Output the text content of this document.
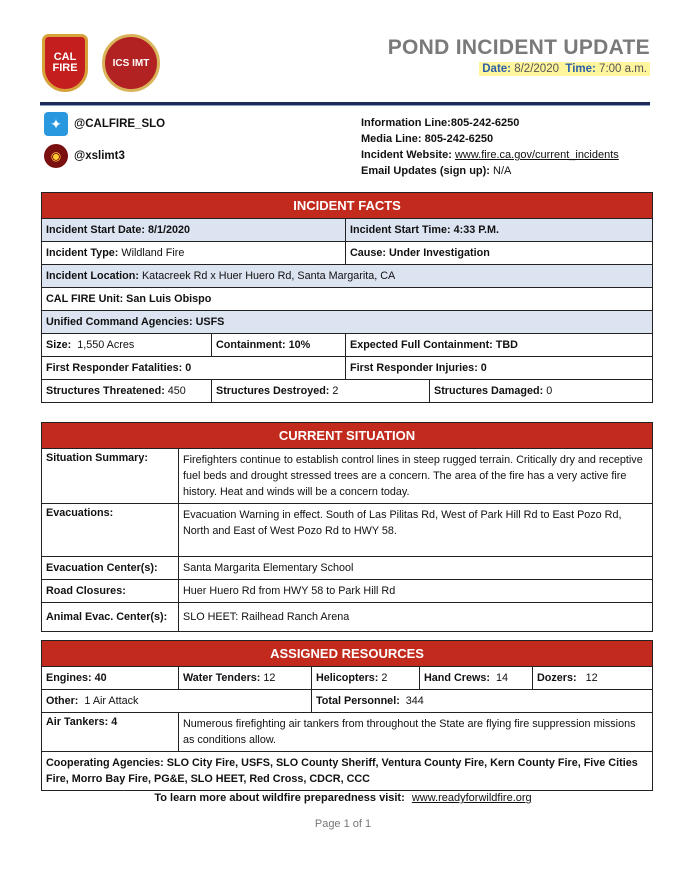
CAL FIRE	ICS IMT
POND INCIDENT UPDATE
Date: 8/2/2020 Time: 7:00 a.m.
✦	@CALFIRE_SLO
◉	@xslimt3
Information Line:805-242-6250
Media Line: 805-242-6250
Incident Website: www.fire.ca.gov/current_incidents
Email Updates (sign up): N/A
INCIDENT FACTS			
Incident Start Date: 8/1/2020		Incident Start Time: 4:33 P.M.	
Incident Type: Wildland Fire		Cause: Under Investigation	
Incident Location: Katacreek Rd x Huer Huero Rd, Santa Margarita, CA			
CAL FIRE Unit: San Luis Obispo			
Unified Command Agencies: USFS			
Size: 1,550 Acres	Containment: 10%	Expected Full Containment: TBD	
First Responder Fatalities: 0		First Responder Injuries: 0	
Structures Threatened: 450	Structures Destroyed: 2		Structures Damaged: 0
CURRENT SITUATION	
Situation Summary:	Firefighters continue to establish control lines in steep rugged terrain. Critically dry and receptive fuel beds and drought stressed trees are a concern. The area of the fire has a very active fire history. Heat and winds will be a concern today.
Evacuations:	Evacuation Warning in effect. South of Las Pilitas Rd, West of Park Hill Rd to East Pozo Rd, North and East of West Pozo Rd to HWY 58.
Evacuation Center(s):	Santa Margarita Elementary School
Road Closures:	Huer Huero Rd from HWY 58 to Park Hill Rd
Animal Evac. Center(s):	SLO HEET: Railhead Ranch Arena
ASSIGNED RESOURCES				
Engines: 40	Water Tenders: 12	Helicopters: 2	Hand Crews: 14	Dozers: 12
Other: 1 Air Attack		Total Personnel: 344		
Air Tankers: 4	Numerous firefighting air tankers from throughout the State are flying fire suppression missions as conditions allow.			
Cooperating Agencies: SLO City Fire, USFS, SLO County Sheriff, Ventura County Fire, Kern County Fire, Five Cities Fire, Morro Bay Fire, PG&E, SLO HEET, Red Cross, CDCR, CCC				
To learn more about wildfire preparedness visit: www.readyforwildfire.org
Page 1 of 1
